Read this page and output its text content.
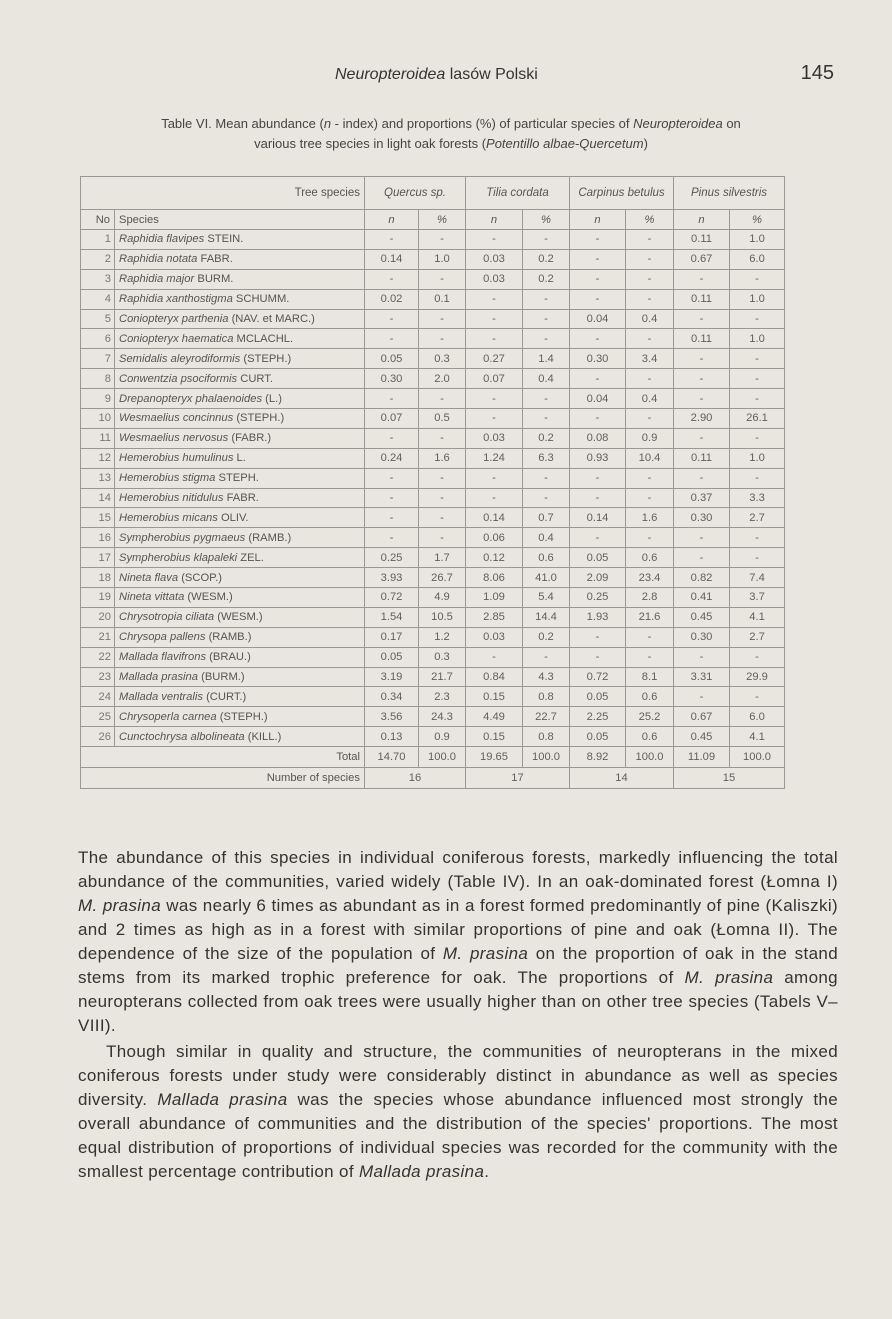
Neuropteroidea lasów Polski	145
Table VI. Mean abundance (n - index) and proportions (%) of particular species of Neuropteroidea on
various tree species in light oak forests (Potentillo albae-Quercetum)
Tree species		Quercus sp.		Tilia cordata		Carpinus betulus		Pinus silvestris	
No	Species	n	%	n	%	n	%	n	%
1	Raphidia flavipes STEIN.	-	-	-	-	-	-	0.11	1.0
2	Raphidia notata FABR.	0.14	1.0	0.03	0.2	-	-	0.67	6.0
3	Raphidia major BURM.	-	-	0.03	0.2	-	-	-	-
4	Raphidia xanthostigma SCHUMM.	0.02	0.1	-	-	-	-	0.11	1.0
5	Coniopteryx parthenia (NAV. et MARC.)	-	-	-	-	0.04	0.4	-	-
6	Coniopteryx haematica MCLACHL.	-	-	-	-	-	-	0.11	1.0
7	Semidalis aleyrodiformis (STEPH.)	0.05	0.3	0.27	1.4	0.30	3.4	-	-
8	Conwentzia psociformis CURT.	0.30	2.0	0.07	0.4	-	-	-	-
9	Drepanopteryx phalaenoides (L.)	-	-	-	-	0.04	0.4	-	-
10	Wesmaelius concinnus (STEPH.)	0.07	0.5	-	-	-	-	2.90	26.1
11	Wesmaelius nervosus (FABR.)	-	-	0.03	0.2	0.08	0.9	-	-
12	Hemerobius humulinus L.	0.24	1.6	1.24	6.3	0.93	10.4	0.11	1.0
13	Hemerobius stigma STEPH.	-	-	-	-	-	-	-	-
14	Hemerobius nitidulus FABR.	-	-	-	-	-	-	0.37	3.3
15	Hemerobius micans OLIV.	-	-	0.14	0.7	0.14	1.6	0.30	2.7
16	Sympherobius pygmaeus (RAMB.)	-	-	0.06	0.4	-	-	-	-
17	Sympherobius klapaleki ZEL.	0.25	1.7	0.12	0.6	0.05	0.6	-	-
18	Nineta flava (SCOP.)	3.93	26.7	8.06	41.0	2.09	23.4	0.82	7.4
19	Nineta vittata (WESM.)	0.72	4.9	1.09	5.4	0.25	2.8	0.41	3.7
20	Chrysotropia ciliata (WESM.)	1.54	10.5	2.85	14.4	1.93	21.6	0.45	4.1
21	Chrysopa pallens (RAMB.)	0.17	1.2	0.03	0.2	-	-	0.30	2.7
22	Mallada flavifrons (BRAU.)	0.05	0.3	-	-	-	-	-	-
23	Mallada prasina (BURM.)	3.19	21.7	0.84	4.3	0.72	8.1	3.31	29.9
24	Mallada ventralis (CURT.)	0.34	2.3	0.15	0.8	0.05	0.6	-	-
25	Chrysoperla carnea (STEPH.)	3.56	24.3	4.49	22.7	2.25	25.2	0.67	6.0
26	Cunctochrysa albolineata (KILL.)	0.13	0.9	0.15	0.8	0.05	0.6	0.45	4.1
Total		14.70	100.0	19.65	100.0	8.92	100.0	11.09	100.0
Number of species		16		17		14		15	

The abundance of this species in individual coniferous forests, markedly influencing the total abundance of the communities, varied widely (Table IV). In an oak-dominated forest (Łomna I) M. prasina was nearly 6 times as abundant as in a forest formed predominantly of pine (Kaliszki) and 2 times as high as in a forest with similar proportions of pine and oak (Łomna II). The dependence of the size of the population of M. prasina on the proportion of oak in the stand stems from its marked trophic preference for oak. The proportions of M. prasina among neuropterans collected from oak trees were usually higher than on other tree species (Tabels V–VIII).

Though similar in quality and structure, the communities of neuropterans in the mixed coniferous forests under study were considerably distinct in abundance as well as species diversity. Mallada prasina was the species whose abundance influenced most strongly the overall abundance of communities and the distribution of the species' proportions. The most equal distribution of proportions of individual species was recorded for the community with the smallest percentage contribution of Mallada prasina.
